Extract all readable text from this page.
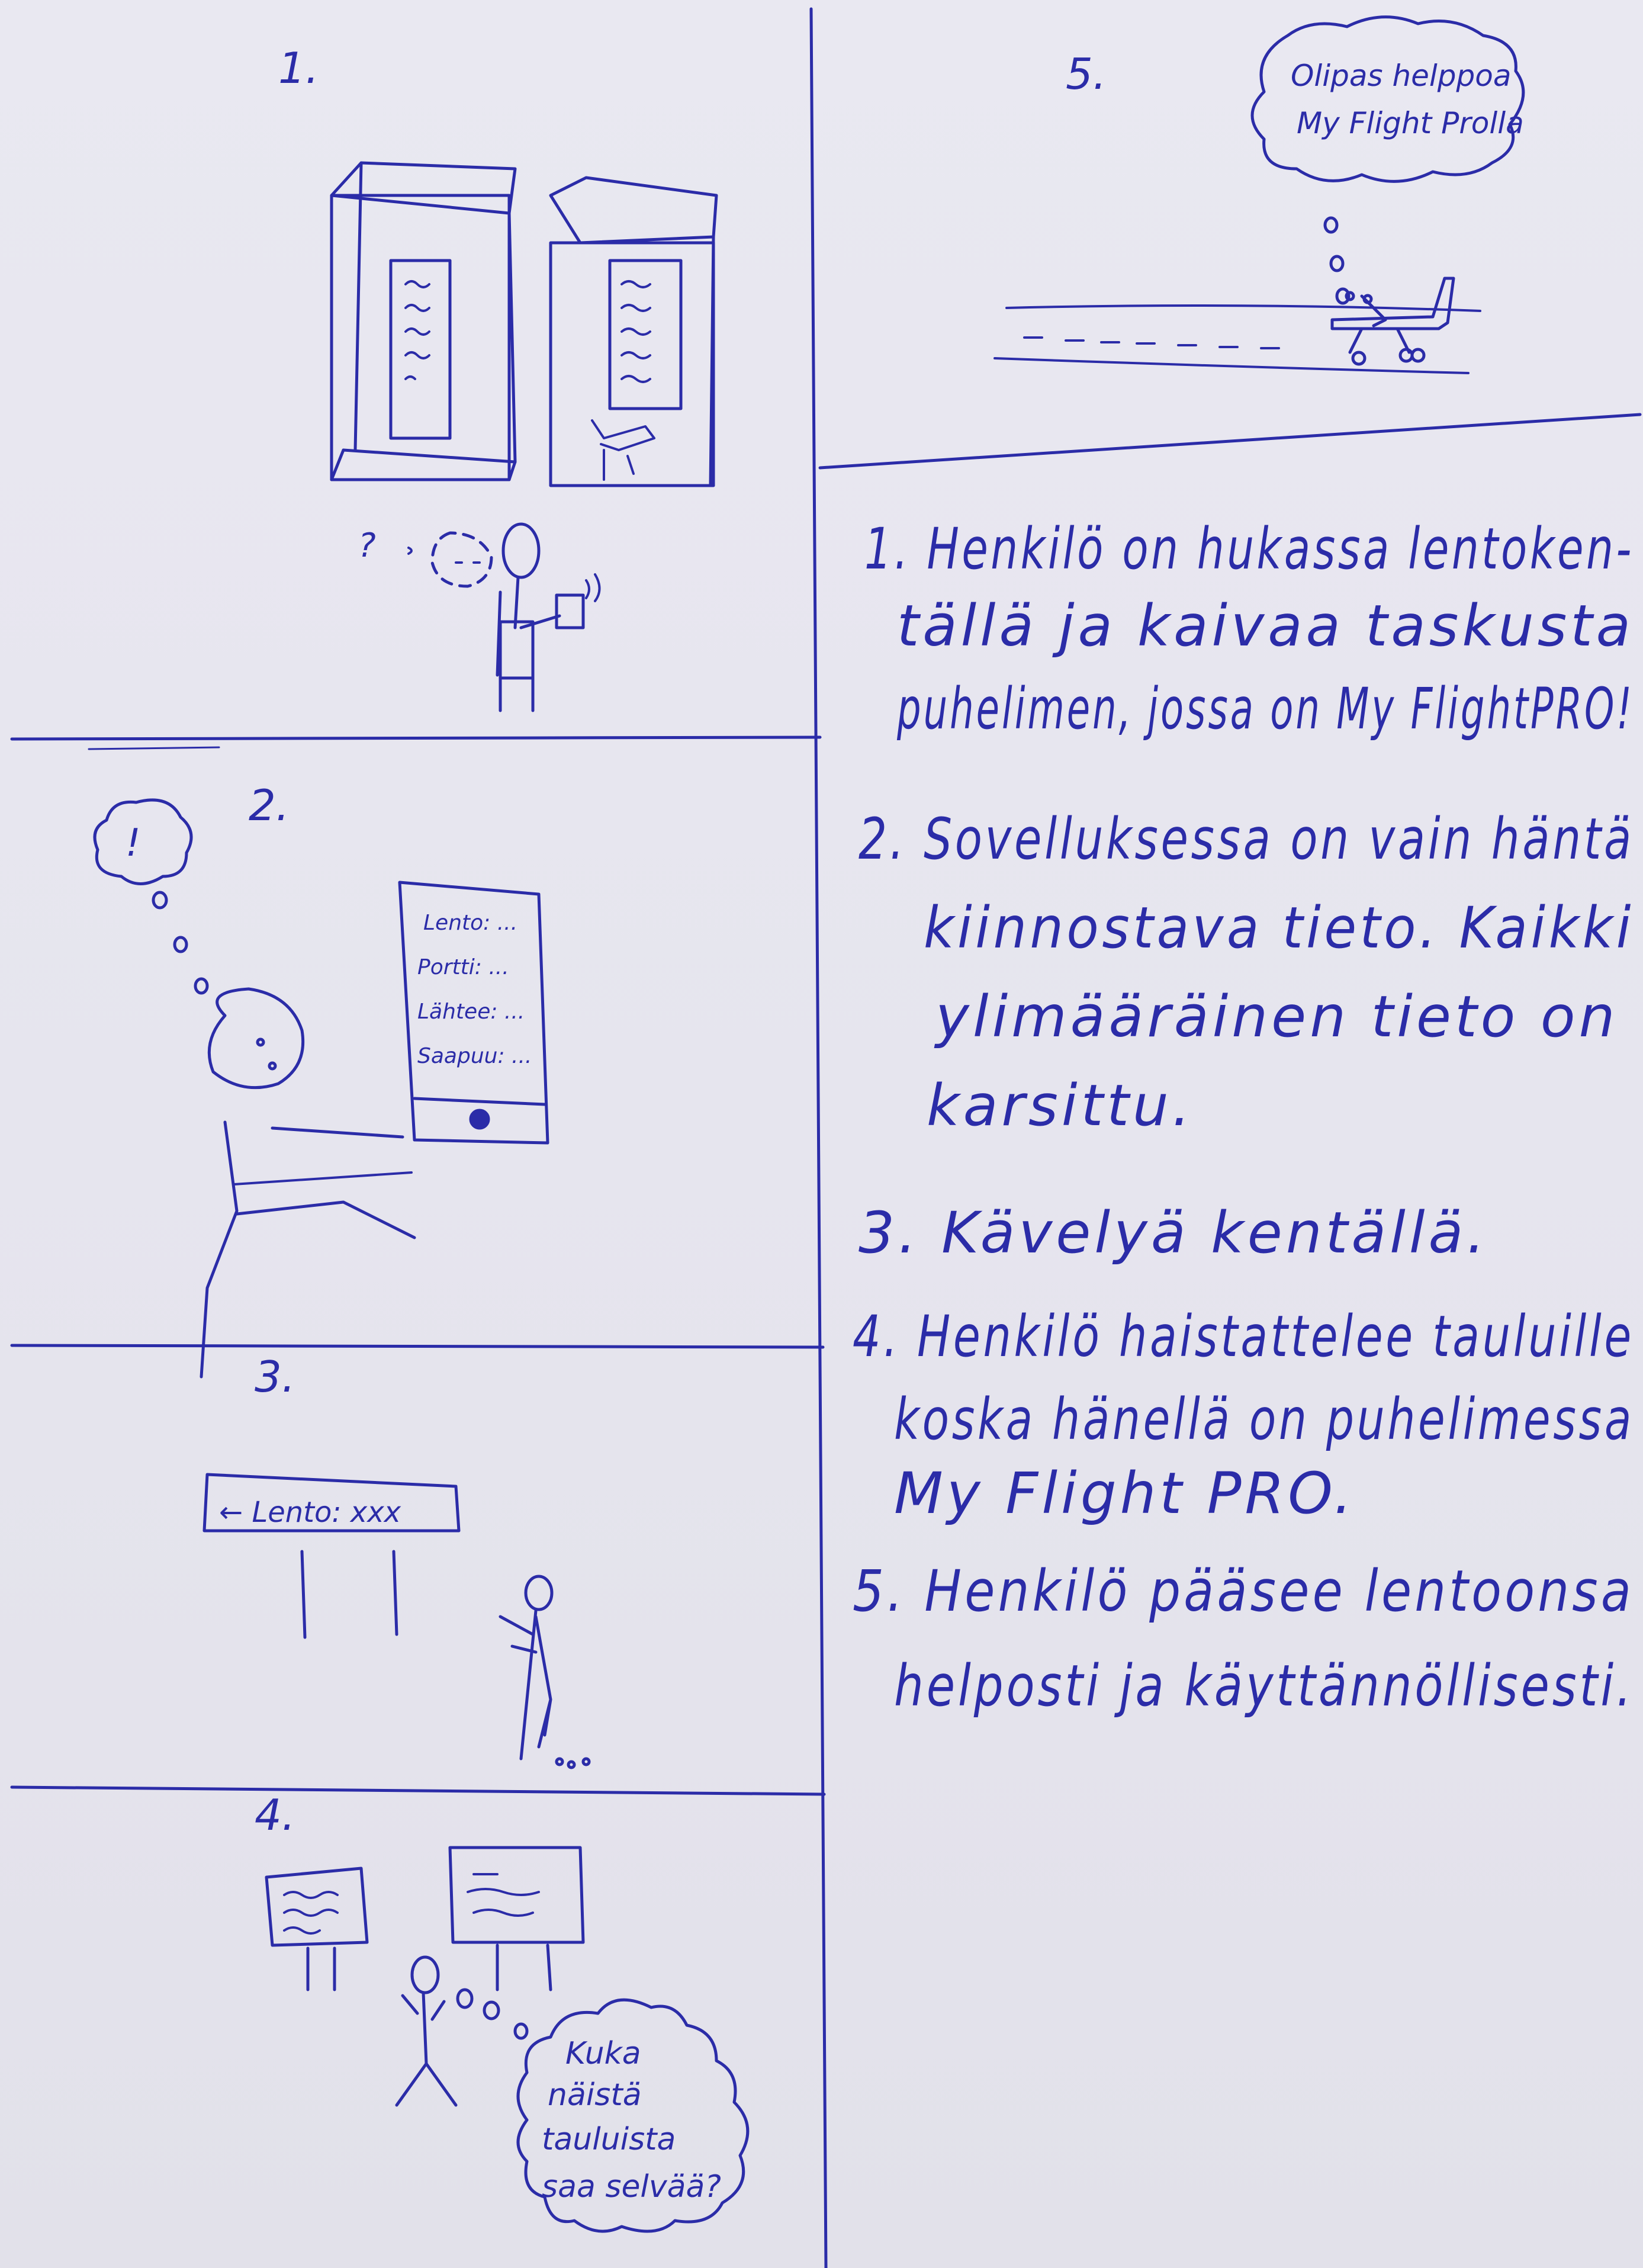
1.
2.
3.
4.
5.
?
!
Lento: ...
Portti: ...
Lähtee: ...
Saapuu: ...
← Lento: xxx
Kuka
näistä
tauluista
saa selvää?
Olipas helppoa
My Flight Prolla
1. Henkilö on hukassa lentoken-
tällä ja kaivaa taskusta
puhelimen, jossa on My FlightPRO!
2. Sovelluksessa on vain häntä
kiinnostava tieto. Kaikki
ylimääräinen tieto on
karsittu.
3. Kävelyä kentällä.
4. Henkilö haistattelee tauluille
koska hänellä on puhelimessa
My Flight PRO.
5. Henkilö pääsee lentoonsa
helposti ja käyttännöllisesti.
